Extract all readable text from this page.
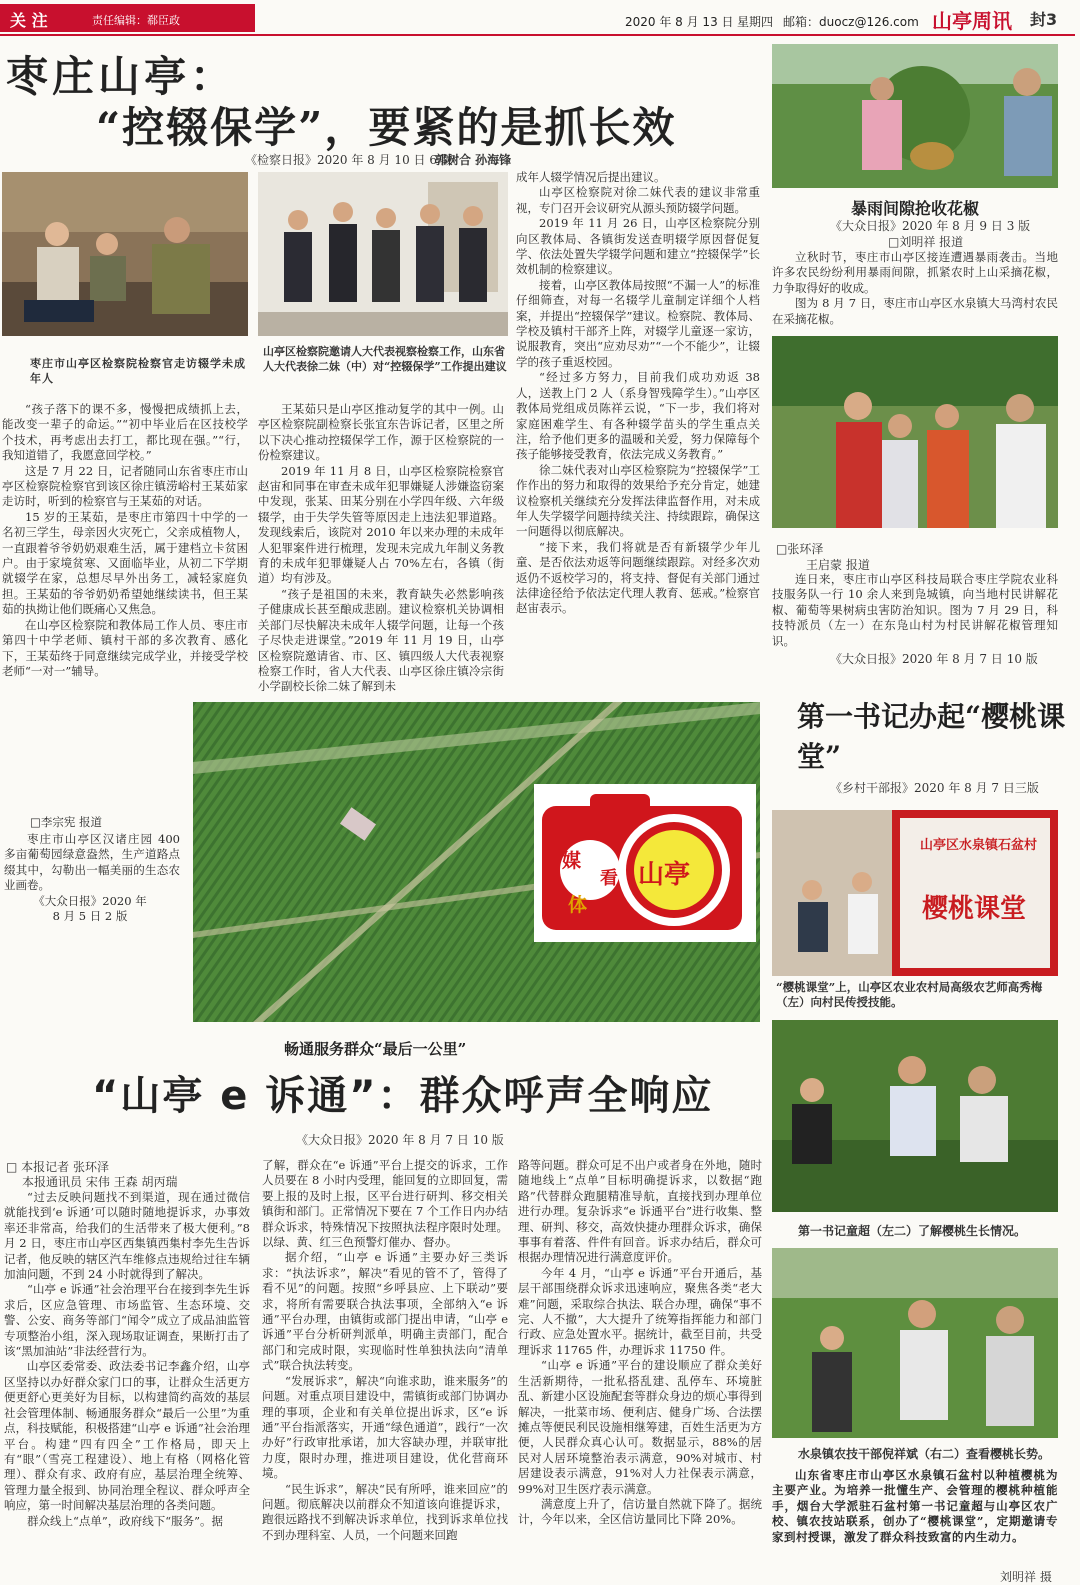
关 注	责任编辑：郗臣政	2020 年 8 月 13 日 星期四 邮箱：duocz@126.com 山亭周讯 封3
枣庄山亭：
“控辍保学”，要紧的是抓长效
《检察日报》2020 年 8 月 10 日 6 版
郭树合 孙海锋
枣庄市山亭区检察院检察官走访辍学未成年人
山亭区检察院邀请人大代表视察检察工作，山东省人大代表徐二妹（中）对“控辍保学”工作提出建议

“孩子落下的课不多，慢慢把成绩抓上去，能改变一辈子的命运。”“初中毕业后在区技校学个技术，再考虑出去打工，都比现在强。”“行，我知道错了，我愿意回学校。”

这是 7 月 22 日，记者随同山东省枣庄市山亭区检察院检察官到该区徐庄镇涝峪村王某茹家走访时，听到的检察官与王某茹的对话。

15 岁的王某茹，是枣庄市第四十中学的一名初三学生，母亲因火灾死亡，父亲成植物人，一直跟着爷爷奶奶艰难生活，属于建档立卡贫困户。由于家境贫寒、又面临毕业，从初二下学期就辍学在家，总想尽早外出务工，减轻家庭负担。王某茹的爷爷奶奶希望她继续读书，但王某茹的执拗让他们既痛心又焦急。

在山亭区检察院和教体局工作人员、枣庄市第四十中学老师、镇村干部的多次教育、感化下，王某茹终于同意继续完成学业，并接受学校老师“一对一”辅导。

王某茹只是山亭区推动复学的其中一例。山亭区检察院副检察长张宜东告诉记者，区里之所以下决心推动控辍保学工作，源于区检察院的一份检察建议。

2019 年 11 月 8 日，山亭区检察院检察官赵宙和同事在审查未成年犯罪嫌疑人涉嫌盗窃案中发现，张某、田某分别在小学四年级、六年级辍学，由于失学失管等原因走上违法犯罪道路。发现线索后，该院对 2010 年以来办理的未成年人犯罪案件进行梳理，发现未完成九年制义务教育的未成年犯罪嫌疑人占 70%左右，各镇（街道）均有涉及。

“孩子是祖国的未来，教育缺失必然影响孩子健康成长甚至酿成悲剧。建议检察机关协调相关部门尽快解决未成年人辍学问题，让每一个孩子尽快走进课堂。”2019 年 11 月 19 日，山亭区检察院邀请省、市、区、镇四级人大代表视察检察工作时，省人大代表、山亭区徐庄镇冷宗街小学副校长徐二妹了解到未

成年人辍学情况后提出建议。

山亭区检察院对徐二妹代表的建议非常重视，专门召开会议研究从源头预防辍学问题。

2019 年 11 月 26 日，山亭区检察院分别向区教体局、各镇街发送查明辍学原因督促复学、依法处置失学辍学问题和建立“控辍保学”长效机制的检察建议。

接着，山亭区教体局按照“不漏一人”的标准仔细筛查，对每一名辍学儿童制定详细个人档案，并提出“控辍保学”建议。检察院、教体局、学校及镇村干部齐上阵，对辍学儿童逐一家访，说服教育，突出“应劝尽劝”“一个不能少”，让辍学的孩子重返校园。

“经过多方努力，目前我们成功劝返 38 人，送教上门 2 人（系身智残障学生）。”山亭区教体局党组成员陈祥云说，“下一步，我们将对家庭困难学生、有各种辍学苗头的学生重点关注，给予他们更多的温暖和关爱，努力保障每个孩子能够接受教育，依法完成义务教育。”

徐二妹代表对山亭区检察院为“控辍保学”工作作出的努力和取得的效果给予充分肯定，她建议检察机关继续充分发挥法律监督作用，对未成年人失学辍学问题持续关注、持续跟踪，确保这一问题得以彻底解决。

“接下来，我们将就是否有新辍学少年儿童、是否依法劝返等问题继续跟踪。对经多次劝返仍不返校学习的，将支持、督促有关部门通过法律途径给予依法定代理人教育、惩戒。”检察官赵宙表示。

□李宗宪 报道

枣庄市山亭区汉诸庄园 400 多亩葡萄园绿意盎然，生产道路点缀其中，勾勒出一幅美丽的生态农业画卷。

《大众日报》2020 年 8 月 5 日 2 版
媒
体
看 山亭
暴雨间隙抢收花椒
《大众日报》2020 年 8 月 9 日 3 版
□刘明祥 报道

立秋时节，枣庄市山亭区接连遭遇暴雨袭击。当地许多农民纷纷利用暴雨间隙，抓紧农时上山采摘花椒，力争取得好的收成。

图为 8 月 7 日，枣庄市山亭区水泉镇大马湾村农民在采摘花椒。

□张环泽
王启蒙 报道

连日来，枣庄市山亭区科技局联合枣庄学院农业科技服务队一行 10 余人来到凫城镇，向当地村民讲解花椒、葡萄等果树病虫害防治知识。图为 7 月 29 日，科技特派员（左一）在东凫山村为村民讲解花椒管理知识。

《大众日报》2020 年 8 月 7 日 10 版
第一书记办起“樱桃课堂”
《乡村干部报》2020 年 8 月 7 日三版
山亭区水泉镇石盆村
樱桃课堂
“樱桃课堂”上，山亭区农业农村局高级农艺师高秀梅（左）向村民传授技能。
第一书记童超（左二）了解樱桃生长情况。
水泉镇农技干部倪祥斌（右二）查看樱桃长势。

山东省枣庄市山亭区水泉镇石盆村以种植樱桃为主要产业。为培养一批懂生产、会管理的樱桃种植能手，烟台大学派驻石盆村第一书记童超与山亭区农广校、镇农技站联系，创办了“樱桃课堂”，定期邀请专家到村授课，激发了群众科技致富的内生动力。

刘明祥 摄
畅通服务群众“最后一公里”
“山亭 e 诉通”：群众呼声全响应
《大众日报》2020 年 8 月 7 日 10 版
□ 本报记者 张环泽
本报通讯员 宋伟 王森 胡丙瑞

“过去反映问题找不到渠道，现在通过微信就能找到‘e 诉通’可以随时随地提诉求，办事效率还非常高，给我们的生活带来了极大便利。”8 月 2 日，枣庄市山亭区西集镇西集村李先生告诉记者，他反映的辖区汽车维修点违规给过往车辆加油问题，不到 24 小时就得到了解决。

“山亭 e 诉通”社会治理平台在接到李先生诉求后，区应急管理、市场监管、生态环境、交警、公安、商务等部门“闻令”成立了成品油监管专项整治小组，深入现场取证调查，果断打击了该“黑加油站”非法经营行为。

山亭区委常委、政法委书记李鑫介绍，山亭区坚持以办好群众家门口的事，让群众生活更方便更舒心更美好为目标，以构建简约高效的基层社会管理体制、畅通服务群众“最后一公里”为重点，科技赋能，积极搭建“山亭 e 诉通”社会治理平台。构建“四有四全”工作格局，即天上有“眼”（雪亮工程建设）、地上有格（网格化管理）、群众有求、政府有应，基层治理全统筹、管理力量全报到、协同治理全程议、群众呼声全响应，第一时间解决基层治理的各类问题。

群众线上“点单”，政府线下“服务”。据

了解，群众在“e 诉通”平台上提交的诉求，工作人员要在 8 小时内受理，能回复的立即回复，需要上报的及时上报，区平台进行研判、移交相关镇街和部门。正常情况下要在 7 个工作日内办结群众诉求，特殊情况下按照执法程序限时处理。以绿、黄、红三色预警灯催办、督办。

据介绍，“山亭 e 诉通”主要办好三类诉求：“执法诉求”，解决“看见的管不了，管得了看不见”的问题。按照“乡呼县应、上下联动”要求，将所有需要联合执法事项，全部纳入“e 诉通”平台办理，由镇街或部门提出申请，“山亭 e 诉通”平台分析研判派单，明确主责部门，配合部门和完成时限，实现临时性单独执法向“清单式”联合执法转变。

“发展诉求”，解决“向谁求助，谁来服务”的问题。对重点项目建设中，需镇街或部门协调办理的事项，企业和有关单位提出诉求，区“e 诉通”平台指派落实，开通“绿色通道”，践行“一次办好”行政审批承诺，加大容缺办理，并联审批力度，限时办理，推进项目建设，优化营商环境。

“民生诉求”，解决“民有所呼，谁来回应”的问题。彻底解决以前群众不知道该向谁提诉求，跑很远路找不到解决诉求单位，找到诉求单位找不到办理科室、人员，一个问题来回跑

路等问题。群众可足不出户或者身在外地，随时随地线上“点单”目标明确提诉求，以数据“跑路”代替群众跑腿精准导航，直接找到办理单位进行办理。复杂诉求“e 诉通平台”进行收集、整理、研判、移交，高效快捷办理群众诉求，确保事事有着落、件件有回音。诉求办结后，群众可根据办理情况进行满意度评价。

今年 4 月，“山亭 e 诉通”平台开通后，基层干部围绕群众诉求迅速响应，聚焦各类“老大难”问题，采取综合执法、联合办理，确保“事不完、人不撤”，大大提升了统筹指挥能力和部门行政、应急处置水平。据统计，截至目前，共受理诉求 11765 件，办理诉求 11750 件。

“山亭 e 诉通”平台的建设顺应了群众美好生活新期待，一批私搭乱建、乱停车、环境脏乱、新建小区设施配套等群众身边的烦心事得到解决，一批菜市场、便利店、健身广场、合法摆摊点等便民利民设施相继筹建，百姓生活更为方便，人民群众真心认可。数据显示，88%的居民对人居环境整治表示满意，90%对城市、村居建设表示满意，91%对人力社保表示满意，99%对卫生医疗表示满意。

满意度上升了，信访量自然就下降了。据统计，今年以来，全区信访量同比下降 20%。
